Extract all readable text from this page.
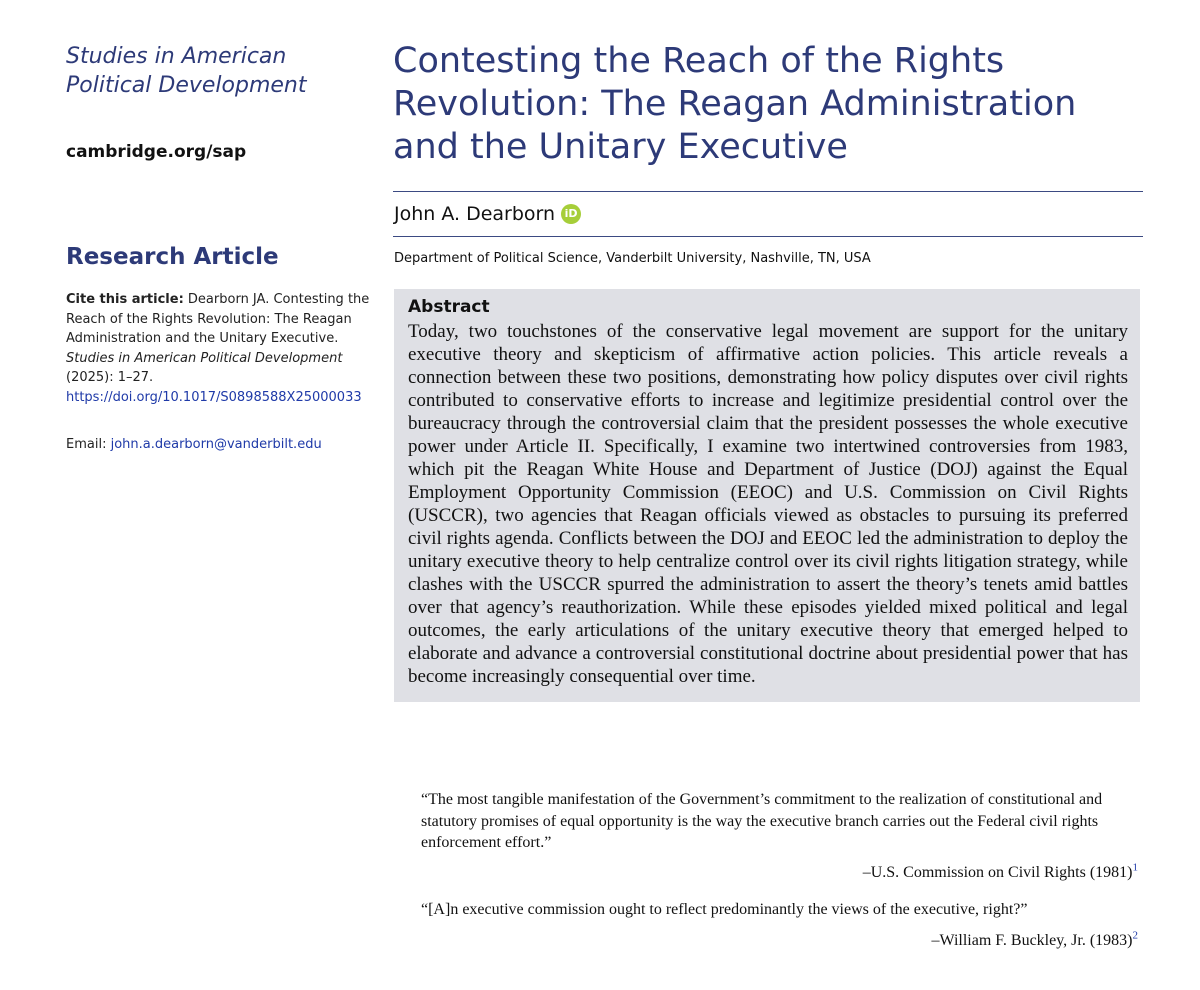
Studies in American Political Development
cambridge.org/sap
Research Article
Cite this article: Dearborn JA. Contesting the Reach of the Rights Revolution: The Reagan Administration and the Unitary Executive. Studies in American Political Development (2025): 1–27. https://doi.org/10.1017/S0898588X25000033
Email: john.a.dearborn@vanderbilt.edu
Contesting the Reach of the Rights Revolution: The Reagan Administration and the Unitary Executive
John A. Dearborn iD
Department of Political Science, Vanderbilt University, Nashville, TN, USA
Abstract
Today, two touchstones of the conservative legal movement are support for the unitary executive theory and skepticism of affirmative action policies. This article reveals a connection between these two positions, demonstrating how policy disputes over civil rights contributed to conservative efforts to increase and legitimize presidential control over the bureaucracy through the controversial claim that the president possesses the whole executive power under Article II. Specifically, I examine two intertwined controversies from 1983, which pit the Reagan White House and Department of Justice (DOJ) against the Equal Employment Opportunity Commission (EEOC) and U.S. Commission on Civil Rights (USCCR), two agencies that Reagan officials viewed as obstacles to pursuing its preferred civil rights agenda. Conflicts between the DOJ and EEOC led the administration to deploy the unitary executive theory to help centralize control over its civil rights litigation strategy, while clashes with the USCCR spurred the administration to assert the theory’s tenets amid battles over that agency’s reauthorization. While these episodes yielded mixed political and legal outcomes, the early articulations of the unitary executive theory that emerged helped to elaborate and advance a controversial constitutional doctrine about presidential power that has become increasingly consequential over time.
“The most tangible manifestation of the Government’s commitment to the realization of constitutional and statutory promises of equal opportunity is the way the executive branch carries out the Federal civil rights enforcement effort.”
–U.S. Commission on Civil Rights $(1981)^1$
“[A]n executive commission ought to reflect predominantly the views of the executive, right?”
–William F. Buckley, Jr. $(1983)^2$
